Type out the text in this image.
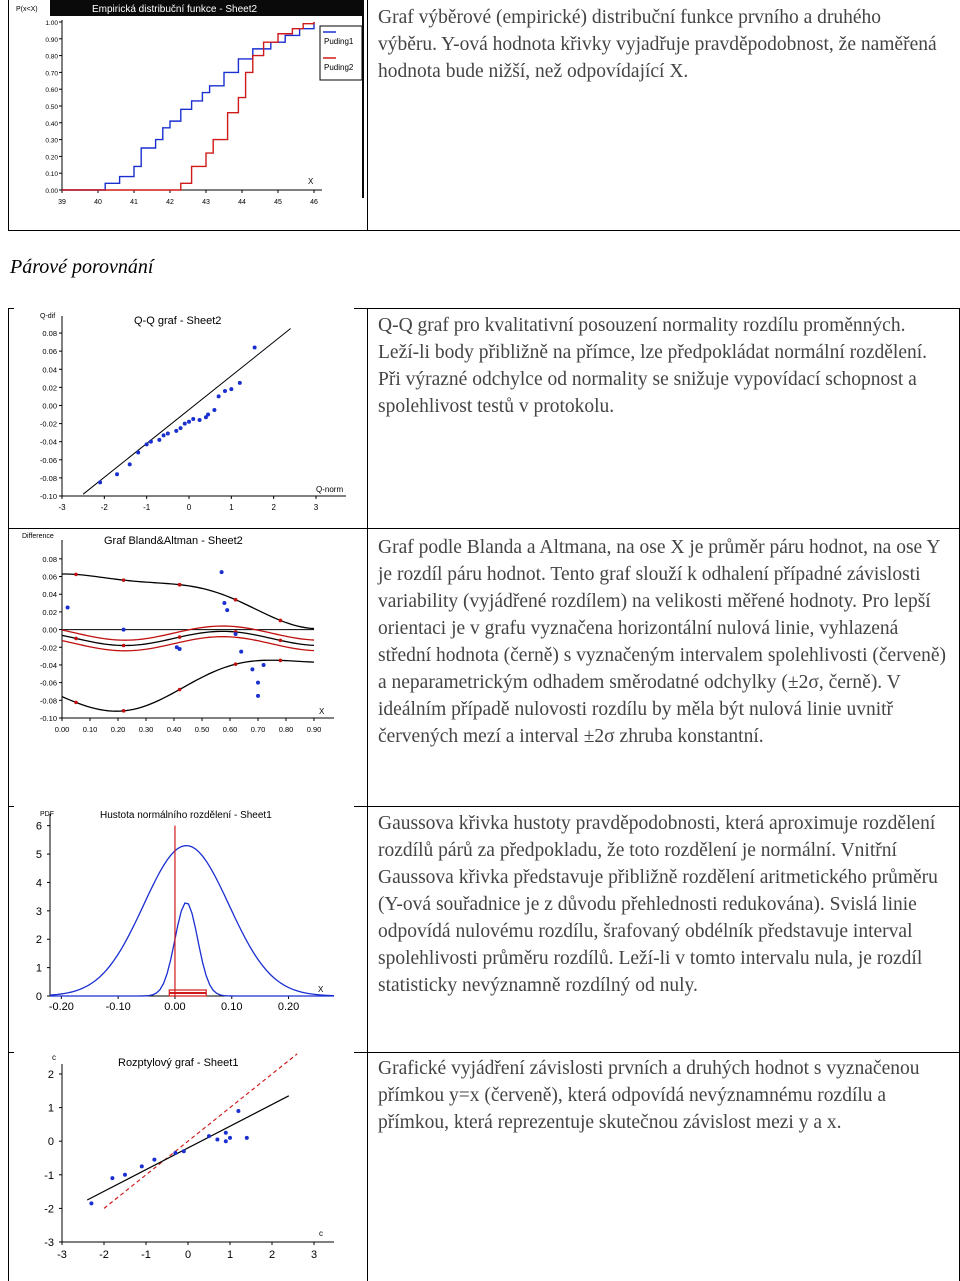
Párové porovnání
Graf výběrové (empirické) distribuční funkce prvního a druhého výběru. Y-ová hodnota křivky vyjadřuje pravděpodobnost, že naměřená hodnota bude nižší, než odpovídající X.
Q-Q graf pro kvalitativní posouzení normality rozdílu proměnných. Leží-li body přibližně na přímce, lze předpokládat normální rozdělení. Při výrazné odchylce od normality se snižuje vypovídací schopnost a spolehlivost testů v protokolu.
Graf podle Blanda a Altmana, na ose X je průměr páru hodnot, na ose Y je rozdíl páru hodnot. Tento graf slouží k odhalení případné závislosti variability (vyjádřené rozdílem) na velikosti měřené hodnoty. Pro lepší orientaci je v grafu vyznačena horizontální nulová linie, vyhlazená střední hodnota (černě) s vyznačeným intervalem spolehlivosti (červeně) a neparametrickým odhadem směrodatné odchylky (±2σ, černě). V ideálním případě nulovosti rozdílu by měla být nulová linie uvnitř červených mezí a interval ±2σ zhruba konstantní.
Gaussova křivka hustoty pravděpodobnosti, která aproximuje rozdělení rozdílů párů za předpokladu, že toto rozdělení je normální. Vnitřní Gaussova křivka představuje přibližně rozdělení aritmetického průměru (Y-ová souřadnice je z důvodu přehlednosti redukována). Svislá linie odpovídá nulovému rozdílu, šrafovaný obdélník představuje interval spolehlivosti průměru rozdílů. Leží-li v tomto intervalu nula, je rozdíl statisticky nevýznamně rozdílný od nuly.
Grafické vyjádření závislosti prvních a druhých hodnot s vyznačenou přímkou y=x (červeně), která odpovídá nevýznamnému rozdílu a přímkou, která reprezentuje skutečnou závislost mezi y a x.
Empirická distribuční funkce - Sheet2
P(x<X)
X
39	40	41	42	43	44	45	46
0.00
0.10
0.20
0.30
0.40
0.50
0.60
0.70
0.80
0.90
1.00
Puding1
Puding2
Q-Q graf - Sheet2
Q-dif
Q-norm
-3	-2	-1	0	1	2	3
-0.10
-0.08
-0.06
-0.04
-0.02
0.00
0.02
0.04
0.06
0.08
Graf Bland&Altman - Sheet2
Difference
X
0.00 0.10 0.20 0.30 0.40 0.50 0.60 0.70 0.80 0.90
-0.10
-0.08
-0.06
-0.04
-0.02
0.00
0.02
0.04
0.06
0.08
Hustota normálního rozdělení - Sheet1
PDF
X
-0.20	-0.10	0.00	0.10	0.20
0
1
2
3
4
5
6
Rozptylový graf - Sheet1
c
c
-3	-2	-1	0	1	2	3
-3
-2
-1
0
1
2
